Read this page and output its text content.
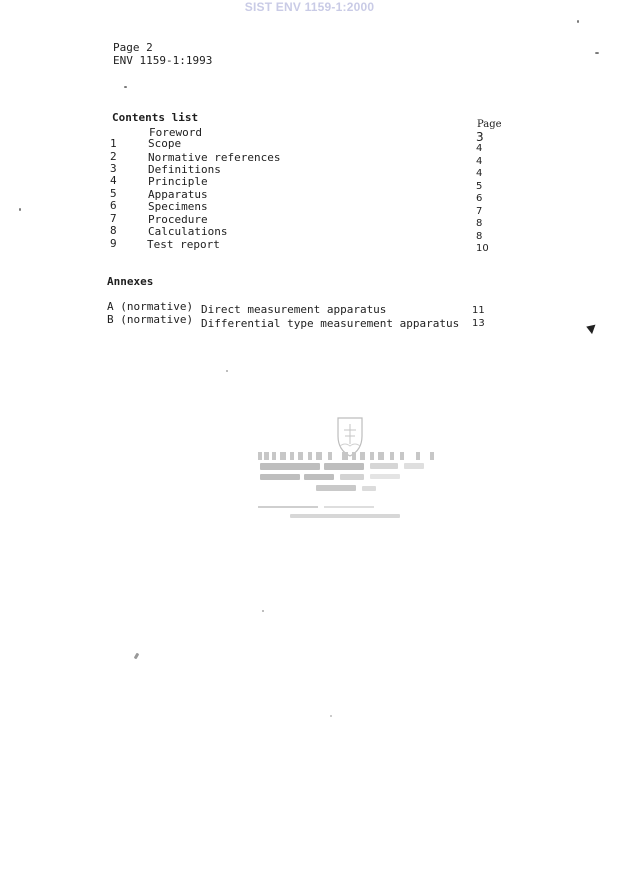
SIST ENV 1159-1:2000
Page 2
ENV 1159-1:1993
Contents list
Page
Foreword	3
1	Scope	4
2	Normative references	4
3	Definitions	4
4	Principle	5
5	Apparatus	6
6	Specimens	7
7	Procedure	8
8	Calculations	8
9	Test report	10
Annexes
A (normative) Direct measurement apparatus	11
B (normative) Differential type measurement apparatus 13
